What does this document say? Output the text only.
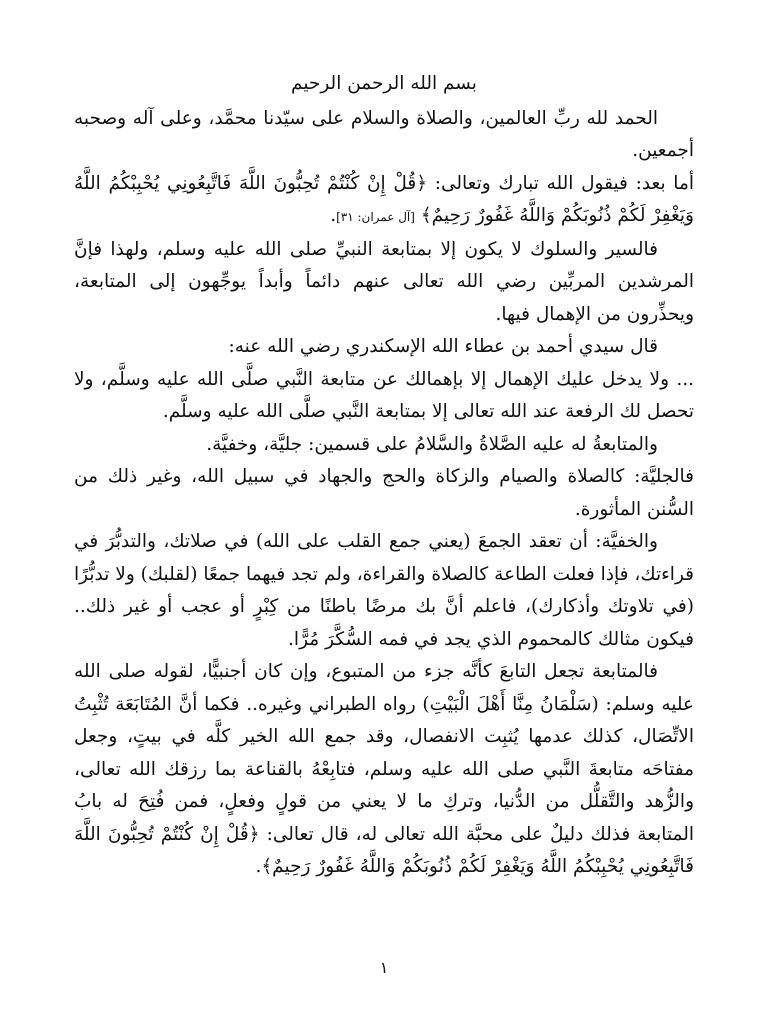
بسم الله الرحمن الرحيم

الحمد لله ربِّ العالمين، والصلاة والسلام على سيّدنا محمَّد، وعلى آله وصحبه أجمعين.

أما بعد: فيقول الله تبارك وتعالى: ﴿قُلْ إِنْ كُنْتُمْ تُحِبُّونَ اللَّهَ فَاتَّبِعُونِي يُحْبِبْكُمُ اللَّهُ وَيَغْفِرْ لَكُمْ ذُنُوبَكُمْ وَاللَّهُ غَفُورٌ رَحِيمٌ﴾ [آل عمران: ٣١].

فالسير والسلوك لا يكون إلا بمتابعة النبيِّ صلى الله عليه وسلم، ولهذا فإنَّ المرشدين المربِّين رضي الله تعالى عنهم دائماً وأبداً يوجِّهون إلى المتابعة، ويحذِّرون من الإهمال فيها.

قال سيدي أحمد بن عطاء الله الإسكندري رضي الله عنه:

... ولا يدخل عليك الإهمال إلا بإهمالك عن متابعة النَّبي صلَّى الله عليه وسلَّم، ولا تحصل لك الرفعة عند الله تعالى إلا بمتابعة النَّبي صلَّى الله عليه وسلَّم.

والمتابعةُ له عليه الصَّلاةُ والسَّلامُ على قسمين: جليَّة، وخفيَّة.

فالجليَّة: كالصلاة والصيام والزكاة والحج والجهاد في سبيل الله، وغير ذلك من السُّنن المأثورة.

والخفيَّة: أن تعقد الجمعَ (يعني جمع القلب على الله) في صلاتك، والتدبُّرَ في قراءتك، فإذا فعلت الطاعة كالصلاة والقراءة، ولم تجد فيهما جمعًا (لقلبك) ولا تدبُّرًا (في تلاوتك وأذكارك)، فاعلم أنَّ بك مرضًا باطنًا من كِبْرٍ أو عجب أو غير ذلك.. فيكون مثالك كالمحموم الذي يجد في فمه السُّكَّرَ مُرًّا.

فالمتابعة تجعل التابعَ كأنَّه جزء من المتبوع، وإن كان أجنبيًّا، لقوله صلى الله عليه وسلم: (سَلْمَانُ مِنَّا أَهْلَ الْبَيْتِ) رواه الطبراني وغيره.. فكما أنَّ المُتَابَعَة تُثْبِتُ الاتِّصَال، كذلك عدمها يُثبِت الانفصال، وقد جمع الله الخير كلَّه في بيتٍ، وجعل مفتاحَه متابعةَ النَّبي صلى الله عليه وسلم، فتابِعْهُ بالقناعة بما رزقك الله تعالى، والزُّهد والتَّقلُّل من الدُّنيا، وتركِ ما لا يعني من قولٍ وفعلٍ، فمن فُتِحَ له بابُ المتابعة فذلك دليلٌ على محبَّة الله تعالى له، قال تعالى: ﴿قُلْ إِنْ كُنْتُمْ تُحِبُّونَ اللَّهَ فَاتَّبِعُونِي يُحْبِبْكُمُ اللَّهُ وَيَغْفِرْ لَكُمْ ذُنُوبَكُمْ وَاللَّهُ غَفُورٌ رَحِيمٌ﴾.

١
